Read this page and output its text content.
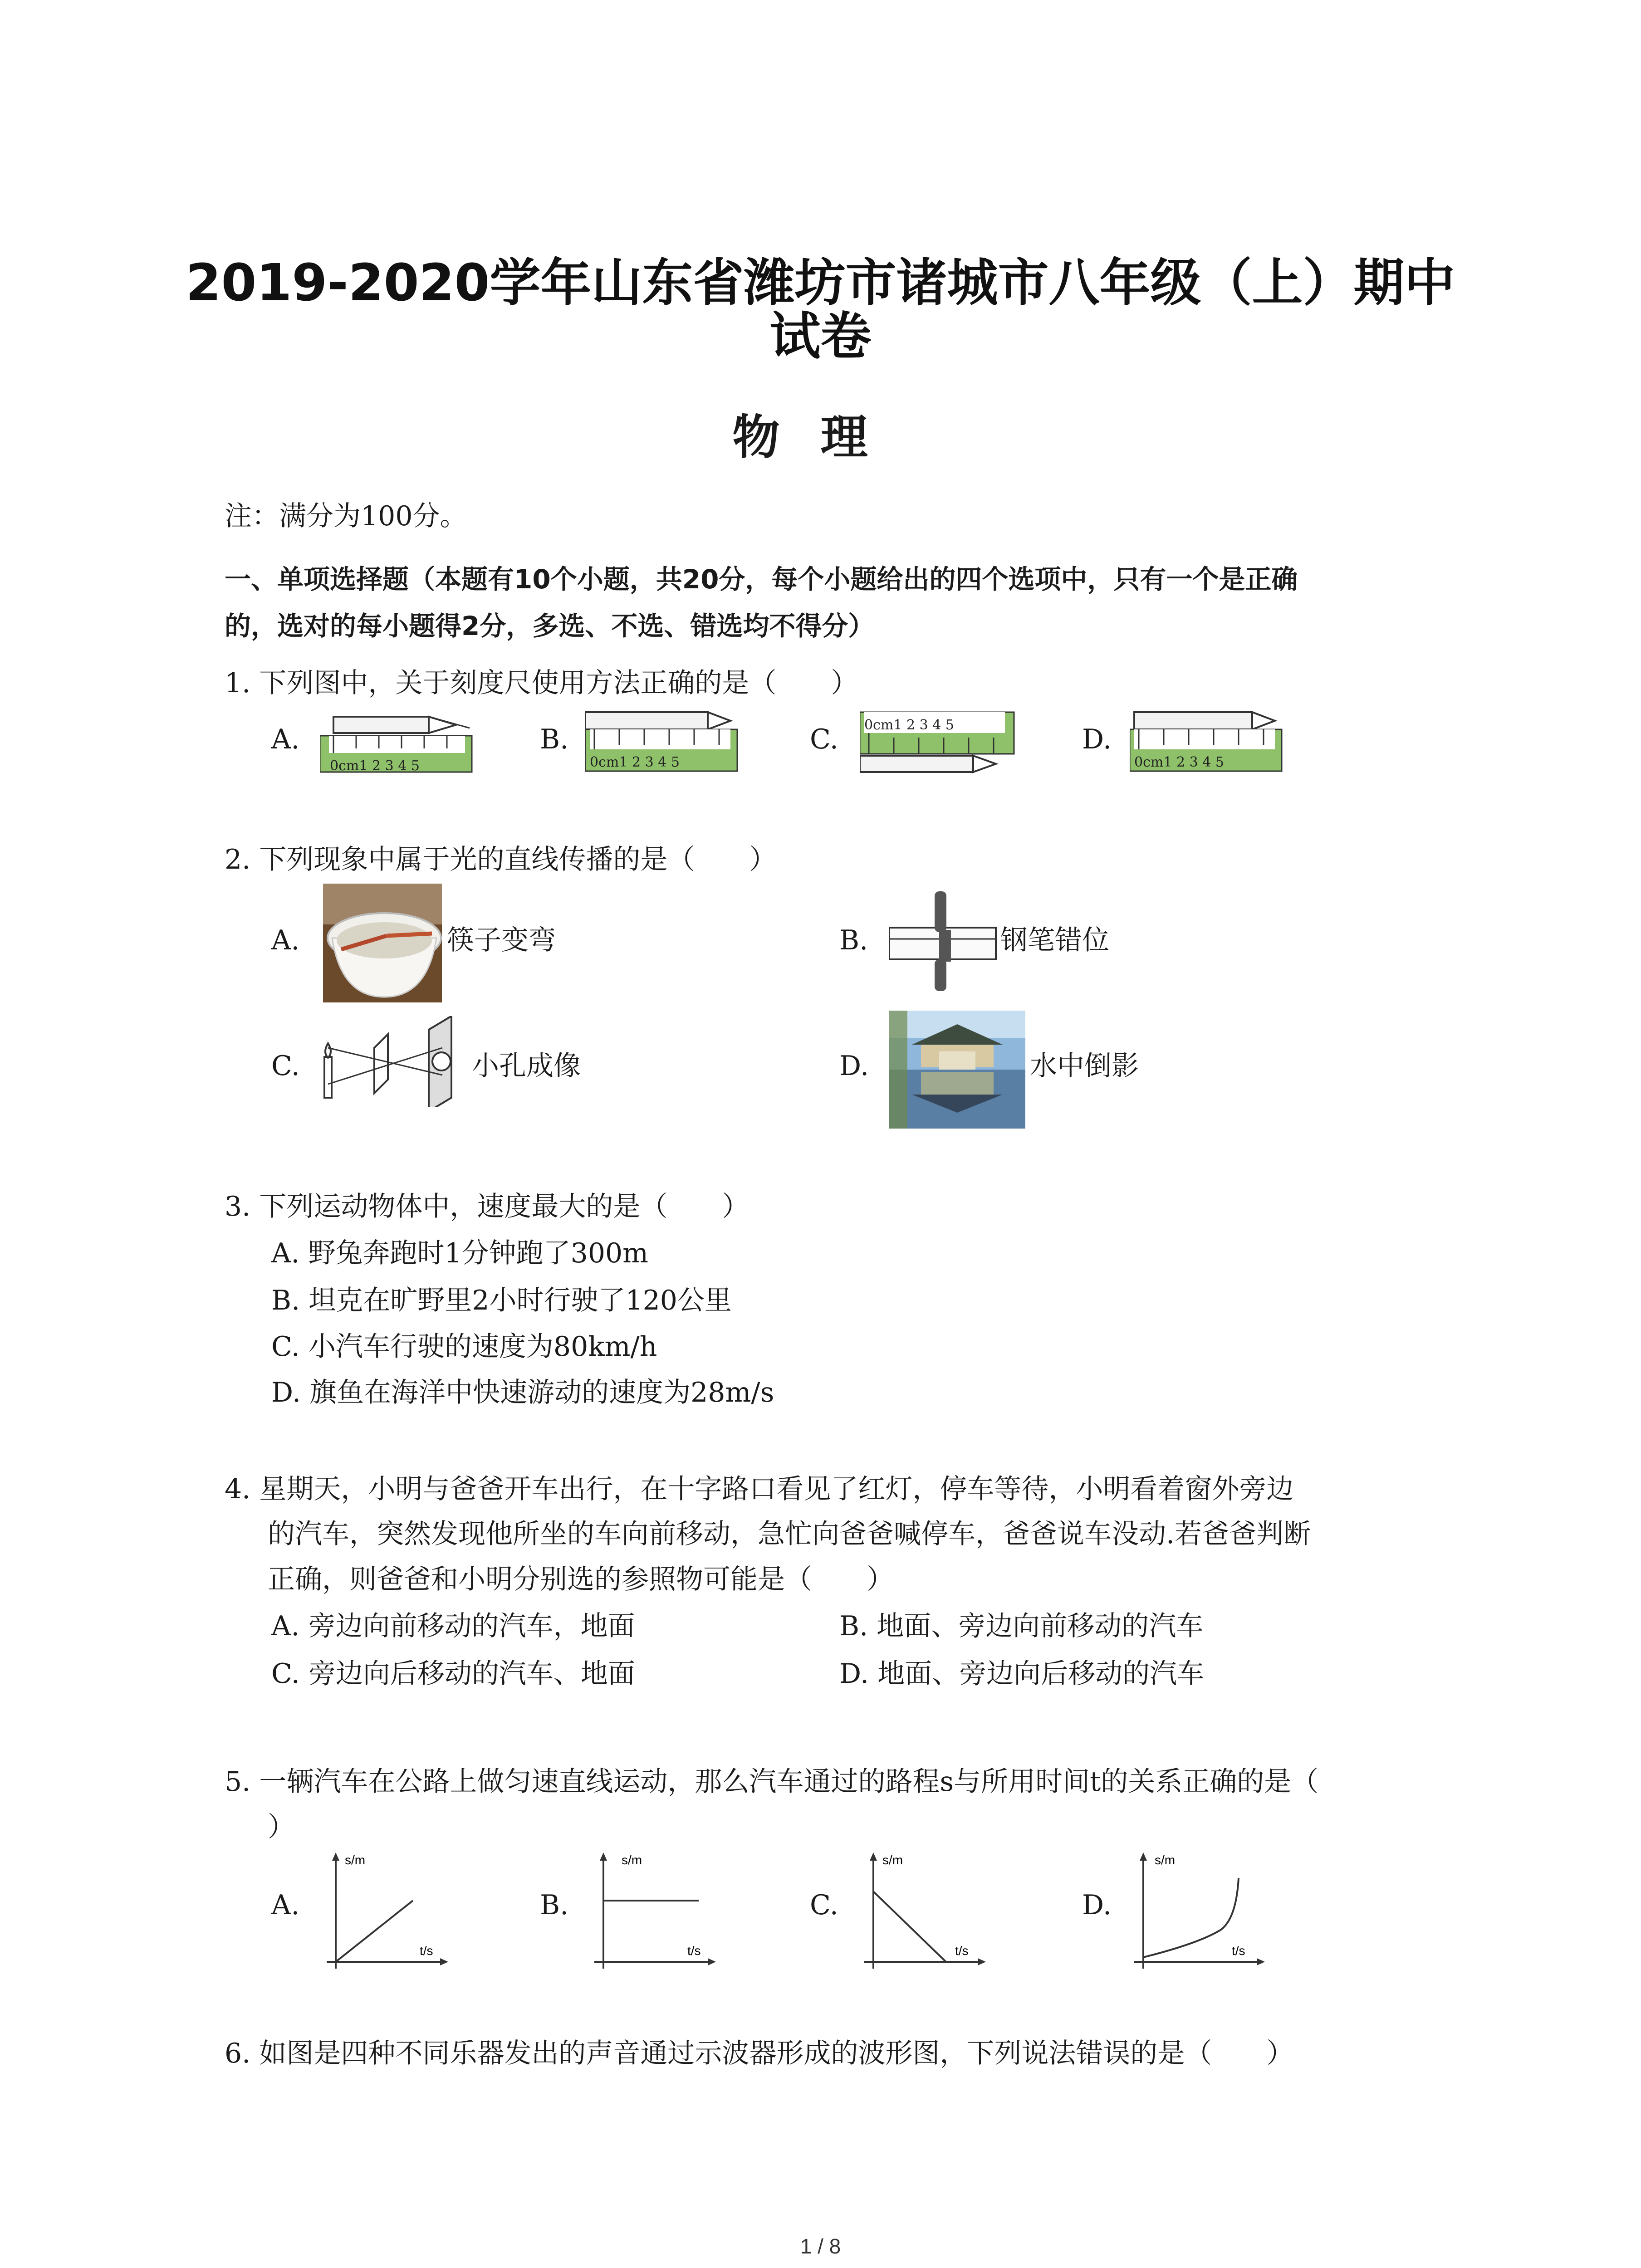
2019-2020学年山东省潍坊市诸城市八年级（上）期中
试卷
物理
注：满分为100分。
一、单项选择题（本题有10个小题，共20分，每个小题给出的四个选项中，只有一个是正确
的，选对的每小题得2分，多选、不选、错选均不得分）
1. 下列图中，关于刻度尺使用方法正确的是（　　）
A.
0cm1 2 3 4 5
B.
0cm1 2 3 4 5
C. 0cm1 2 3 4 5	D.
0cm1 2 3 4 5
2. 下列现象中属于光的直线传播的是（　　）
A.	筷子变弯	B.	钢笔错位
C.	小孔成像	D.	水中倒影
3. 下列运动物体中，速度最大的是（　　）
A. 野兔奔跑时1分钟跑了300m
B. 坦克在旷野里2小时行驶了120公里
C. 小汽车行驶的速度为80km/h
D. 旗鱼在海洋中快速游动的速度为28m/s
4. 星期天，小明与爸爸开车出行，在十字路口看见了红灯，停车等待，小明看着窗外旁边
的汽车，突然发现他所坐的车向前移动，急忙向爸爸喊停车，爸爸说车没动.若爸爸判断
正确，则爸爸和小明分别选的参照物可能是（　　）
A. 旁边向前移动的汽车，地面	B. 地面、旁边向前移动的汽车
C. 旁边向后移动的汽车、地面	D. 地面、旁边向后移动的汽车
5. 一辆汽车在公路上做匀速直线运动，那么汽车通过的路程s与所用时间t的关系正确的是（
）
A.
s/m
t/s
B.
s/m
t/s
C.
s/m
t/s
D.
s/m
t/s
6. 如图是四种不同乐器发出的声音通过示波器形成的波形图，下列说法错误的是（　　）
1 / 8
